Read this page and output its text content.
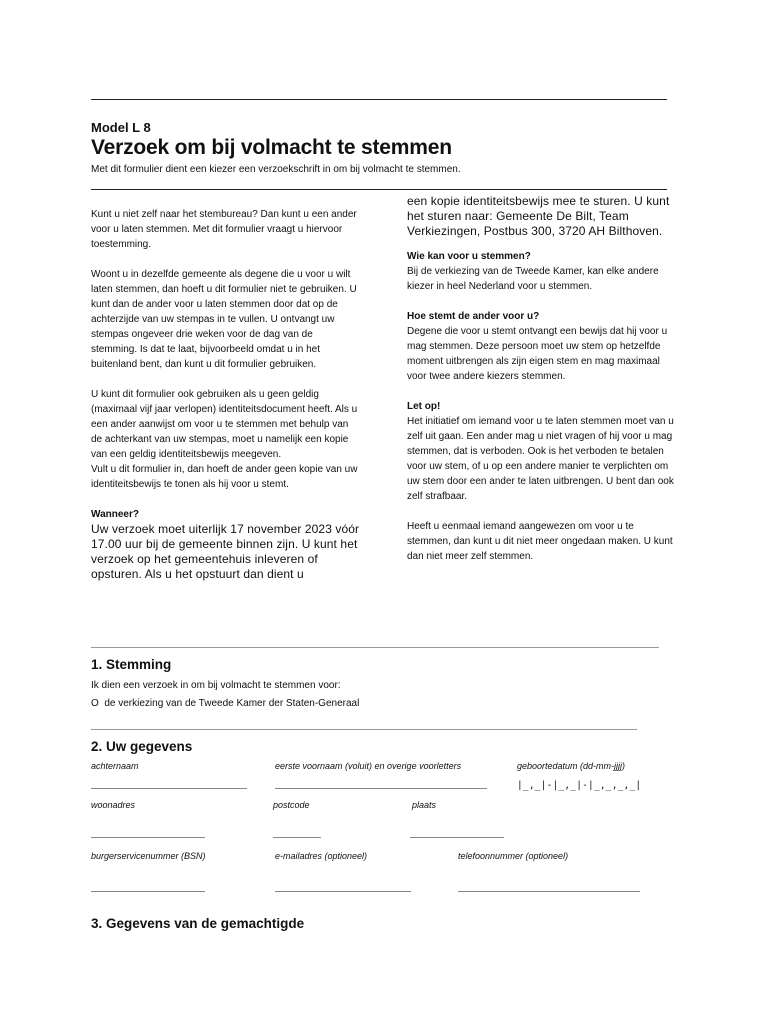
Model L 8
Verzoek om bij volmacht te stemmen
Met dit formulier dient een kiezer een verzoekschrift in om bij volmacht te stemmen.

Kunt u niet zelf naar het stembureau? Dan kunt u een ander voor u laten stemmen. Met dit formulier vraagt u hiervoor toestemming.

Woont u in dezelfde gemeente als degene die u voor u wilt laten stemmen, dan hoeft u dit formulier niet te gebruiken. U kunt dan de ander voor u laten stemmen door dat op de achterzijde van uw stempas in te vullen. U ontvangt uw stempas ongeveer drie weken voor de dag van de stemming. Is dat te laat, bijvoorbeeld omdat u in het buitenland bent, dan kunt u dit formulier gebruiken.

U kunt dit formulier ook gebruiken als u geen geldig (maximaal vijf jaar verlopen) identiteitsdocument heeft. Als u een ander aanwijst om voor u te stemmen met behulp van de achterkant van uw stempas, moet u namelijk een kopie van een geldig identiteitsbewijs meegeven.

Vult u dit formulier in, dan hoeft de ander geen kopie van uw identiteitsbewijs te tonen als hij voor u stemt.

Wanneer?

Uw verzoek moet uiterlijk 17 november 2023 vóór 17.00 uur bij de gemeente binnen zijn. U kunt het verzoek op het gemeentehuis inleveren of opsturen. Als u het opstuurt dan dient u

een kopie identiteitsbewijs mee te sturen. U kunt het sturen naar: Gemeente De Bilt, Team Verkiezingen, Postbus 300, 3720 AH Bilthoven.

Wie kan voor u stemmen?

Bij de verkiezing van de Tweede Kamer, kan elke andere kiezer in heel Nederland voor u stemmen.

Hoe stemt de ander voor u?

Degene die voor u stemt ontvangt een bewijs dat hij voor u mag stemmen. Deze persoon moet uw stem op hetzelfde moment uitbrengen als zijn eigen stem en mag maximaal voor twee andere kiezers stemmen.

Let op!

Het initiatief om iemand voor u te laten stemmen moet van u zelf uit gaan. Een ander mag u niet vragen of hij voor u mag stemmen, dat is verboden. Ook is het verboden te betalen voor uw stem, of u op een andere manier te verplichten om uw stem door een ander te laten uitbrengen. U bent dan ook zelf strafbaar.

Heeft u eenmaal iemand aangewezen om voor u te stemmen, dan kunt u dit niet meer ongedaan maken. U kunt dan niet meer zelf stemmen.

1. Stemming
Ik dien een verzoek in om bij volmacht te stemmen voor:
O de verkiezing van de Tweede Kamer der Staten-Generaal
2. Uw gegevens
achternaam	eerste voornaam (voluit) en overige voorletters	geboortedatum (dd-mm-jjjj)
|_,_|-|_,_|-|_,_,_,_|
woonadres	postcode	plaats
burgerservicenummer (BSN)	e-mailadres (optioneel)	telefoonnummer (optioneel)
3. Gegevens van de gemachtigde
